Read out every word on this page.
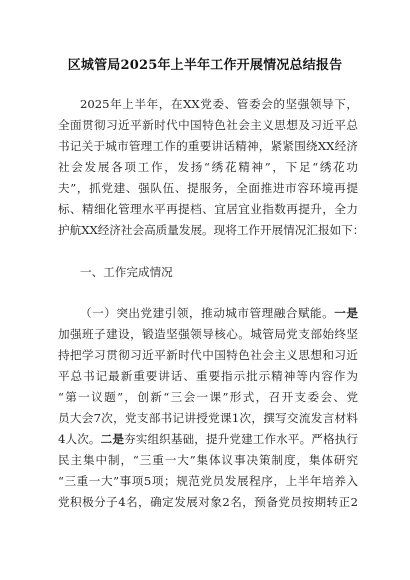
区城管局2025年上半年工作开展情况总结报告
2025年上半年，在XX党委、管委会的坚强领导下，
全面贯彻习近平新时代中国特色社会主义思想及习近平总
书记关于城市管理工作的重要讲话精神，紧紧围绕XX经济
社会发展各项工作，发扬“绣花精神”，下足“绣花功
夫”，抓党建、强队伍、提服务，全面推进市容环境再提
标、精细化管理水平再提档、宜居宜业指数再提升，全力
护航XX经济社会高质量发展。现将工作开展情况汇报如下：
一、工作完成情况
（一）突出党建引领，推动城市管理融合赋能。一是
加强班子建设，锻造坚强领导核心。城管局党支部始终坚
持把学习贯彻习近平新时代中国特色社会主义思想和习近
平总书记最新重要讲话、重要指示批示精神等内容作为
“第一议题”，创新“三会一课”形式，召开支委会、党
员大会7次，党支部书记讲授党课1次，撰写交流发言材料
4人次。二是夯实组织基础，提升党建工作水平。严格执行
民主集中制，“三重一大”集体议事决策制度，集体研究
“三重一大”事项5项；规范党员发展程序，上半年培养入
党积极分子4名，确定发展对象2名，预备党员按期转正2
